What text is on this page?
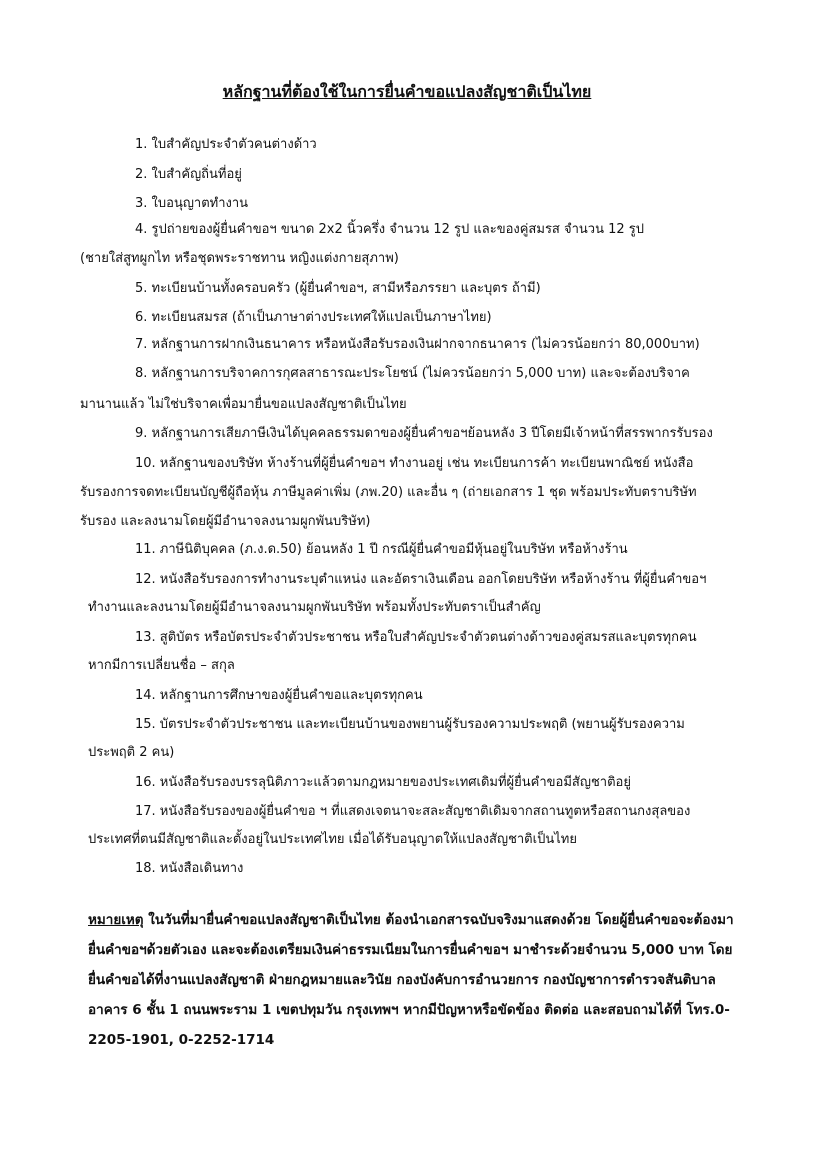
หลักฐานที่ต้องใช้ในการยื่นคำขอแปลงสัญชาติเป็นไทย
1. ใบสำคัญประจำตัวคนต่างด้าว
2. ใบสำคัญถิ่นที่อยู่
3. ใบอนุญาตทำงาน
4. รูปถ่ายของผู้ยื่นคำขอฯ ขนาด 2x2 นิ้วครึ่ง จำนวน 12 รูป และของคู่สมรส จำนวน 12 รูป
(ชายใส่สูทผูกไท หรือชุดพระราชทาน หญิงแต่งกายสุภาพ)
5. ทะเบียนบ้านทั้งครอบครัว (ผู้ยื่นคำขอฯ, สามีหรือภรรยา และบุตร ถ้ามี)
6. ทะเบียนสมรส (ถ้าเป็นภาษาต่างประเทศให้แปลเป็นภาษาไทย)
7. หลักฐานการฝากเงินธนาคาร หรือหนังสือรับรองเงินฝากจากธนาคาร (ไม่ควรน้อยกว่า 80,000บาท)
8. หลักฐานการบริจาคการกุศลสาธารณะประโยชน์ (ไม่ควรน้อยกว่า 5,000 บาท) และจะต้องบริจาค
มานานแล้ว ไม่ใช่บริจาคเพื่อมายื่นขอแปลงสัญชาติเป็นไทย
9. หลักฐานการเสียภาษีเงินได้บุคคลธรรมดาของผู้ยื่นคำขอฯย้อนหลัง 3 ปีโดยมีเจ้าหน้าที่สรรพากรรับรอง
10. หลักฐานของบริษัท ห้างร้านที่ผู้ยื่นคำขอฯ ทำงานอยู่ เช่น ทะเบียนการค้า ทะเบียนพาณิชย์ หนังสือ
รับรองการจดทะเบียนบัญชีผู้ถือหุ้น ภาษีมูลค่าเพิ่ม (ภพ.20) และอื่น ๆ (ถ่ายเอกสาร 1 ชุด พร้อมประทับตราบริษัท
รับรอง และลงนามโดยผู้มีอำนาจลงนามผูกพันบริษัท)
11. ภาษีนิติบุคคล (ภ.ง.ด.50) ย้อนหลัง 1 ปี กรณีผู้ยื่นคำขอมีหุ้นอยู่ในบริษัท หรือห้างร้าน
12. หนังสือรับรองการทำงานระบุตำแหน่ง และอัตราเงินเดือน ออกโดยบริษัท หรือห้างร้าน ที่ผู้ยื่นคำขอฯ
ทำงานและลงนามโดยผู้มีอำนาจลงนามผูกพันบริษัท พร้อมทั้งประทับตราเป็นสำคัญ
13. สูติบัตร หรือบัตรประจำตัวประชาชน หรือใบสำคัญประจำตัวตนต่างด้าวของคู่สมรสและบุตรทุกคน
หากมีการเปลี่ยนชื่อ – สกุล
14. หลักฐานการศึกษาของผู้ยื่นคำขอและบุตรทุกคน
15. บัตรประจำตัวประชาชน และทะเบียนบ้านของพยานผู้รับรองความประพฤติ (พยานผู้รับรองความ
ประพฤติ 2 คน)
16. หนังสือรับรองบรรลุนิติภาวะแล้วตามกฎหมายของประเทศเดิมที่ผู้ยื่นคำขอมีสัญชาติอยู่
17. หนังสือรับรองของผู้ยื่นคำขอ ฯ ที่แสดงเจตนาจะสละสัญชาติเดิมจากสถานทูตหรือสถานกงสุลของ
ประเทศที่ตนมีสัญชาติและตั้งอยู่ในประเทศไทย เมื่อได้รับอนุญาตให้แปลงสัญชาติเป็นไทย
18. หนังสือเดินทาง
หมายเหตุ ในวันที่มายื่นคำขอแปลงสัญชาติเป็นไทย ต้องนำเอกสารฉบับจริงมาแสดงด้วย โดยผู้ยื่นคำขอจะต้องมายื่นคำขอฯด้วยตัวเอง และจะต้องเตรียมเงินค่าธรรมเนียมในการยื่นคำขอฯ มาชำระด้วยจำนวน 5,000 บาท โดยยื่นคำขอได้ที่งานแปลงสัญชาติ ฝ่ายกฎหมายและวินัย กองบังคับการอำนวยการ กองบัญชาการตำรวจสันติบาล อาคาร 6 ชั้น 1 ถนนพระราม 1 เขตปทุมวัน กรุงเทพฯ หากมีปัญหาหรือขัดข้อง ติดต่อ และสอบถามได้ที่ โทร.0-2205-1901, 0-2252-1714
